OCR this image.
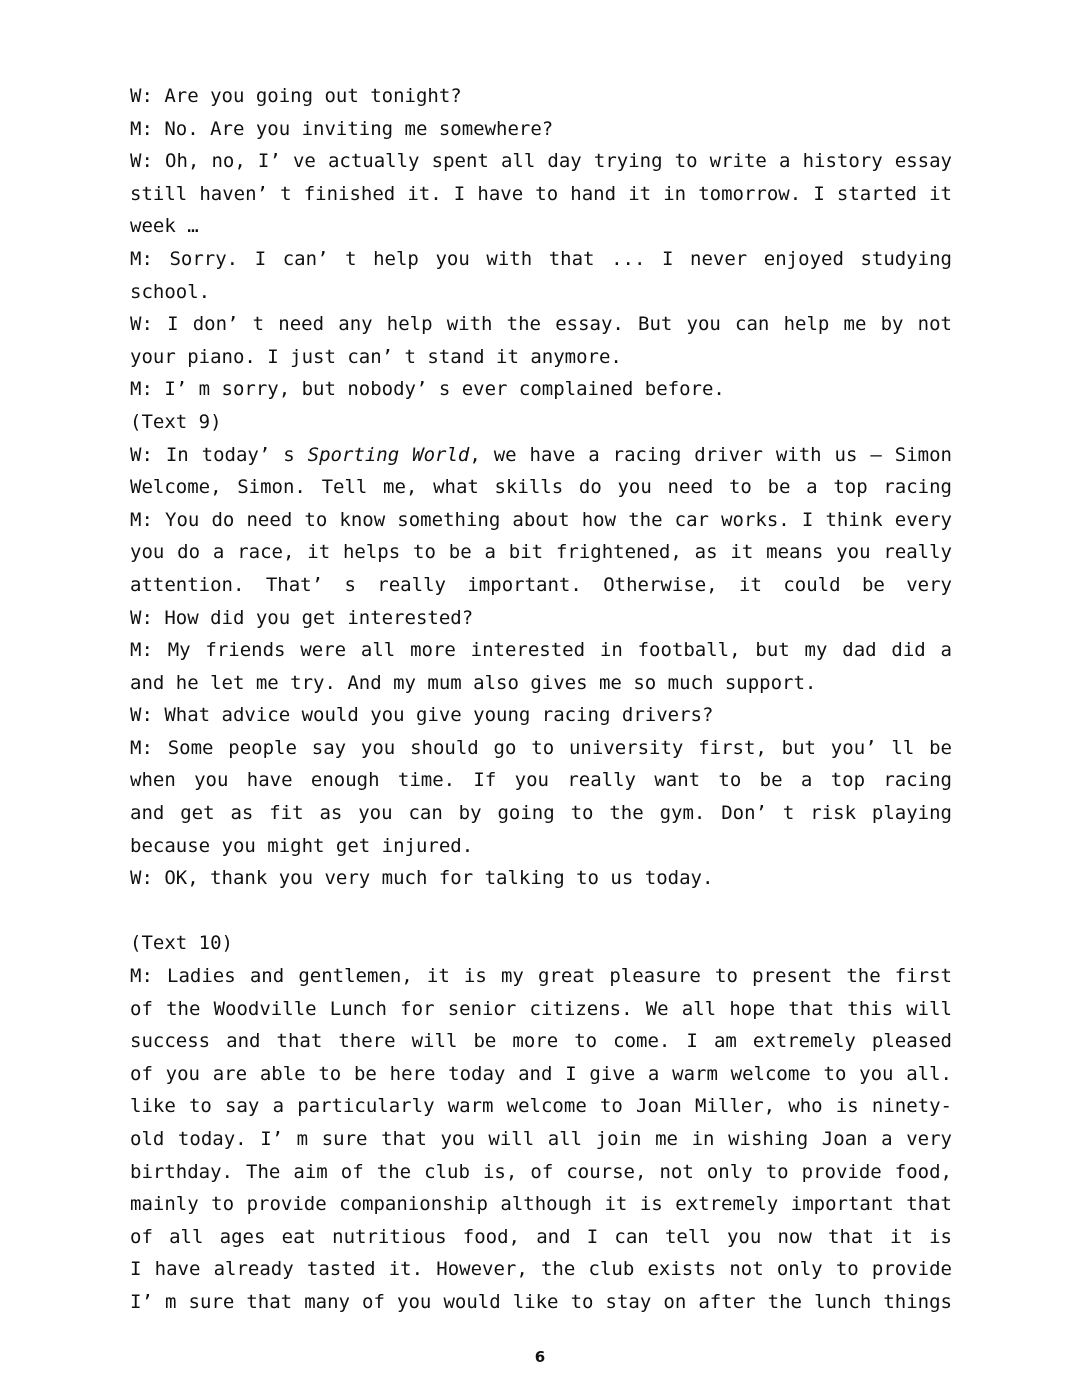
W: Are you going out tonight?
M: No. Are you inviting me somewhere?
W: Oh, no, I’ ve actually spent all day trying to write a history essay
still haven’ t finished it. I have to hand it in tomorrow. I started it
week …
M: Sorry. I can’ t help you with that ... I never enjoyed studying
school.
W: I don’ t need any help with the essay. But you can help me by not
your piano. I just can’ t stand it anymore.
M: I’ m sorry, but nobody’ s ever complained before.
(Text 9)
W: In today’ s Sporting World, we have a racing driver with us — Simon
Welcome, Simon. Tell me, what skills do you need to be a top racing
M: You do need to know something about how the car works. I think every
you do a race, it helps to be a bit frightened, as it means you really
attention. That’ s really important. Otherwise, it could be very
W: How did you get interested?
M: My friends were all more interested in football, but my dad did a
and he let me try. And my mum also gives me so much support.
W: What advice would you give young racing drivers?
M: Some people say you should go to university first, but you’ ll be
when you have enough time. If you really want to be a top racing
and get as fit as you can by going to the gym. Don’ t risk playing
because you might get injured.
W: OK, thank you very much for talking to us today.
(Text 10)
M: Ladies and gentlemen, it is my great pleasure to present the first
of the Woodville Lunch for senior citizens. We all hope that this will
success and that there will be more to come. I am extremely pleased
of you are able to be here today and I give a warm welcome to you all.
like to say a particularly warm welcome to Joan Miller, who is ninety-
old today. I’ m sure that you will all join me in wishing Joan a very
birthday. The aim of the club is, of course, not only to provide food,
mainly to provide companionship although it is extremely important that
of all ages eat nutritious food, and I can tell you now that it is
I have already tasted it. However, the club exists not only to provide
I’ m sure that many of you would like to stay on after the lunch things
6
